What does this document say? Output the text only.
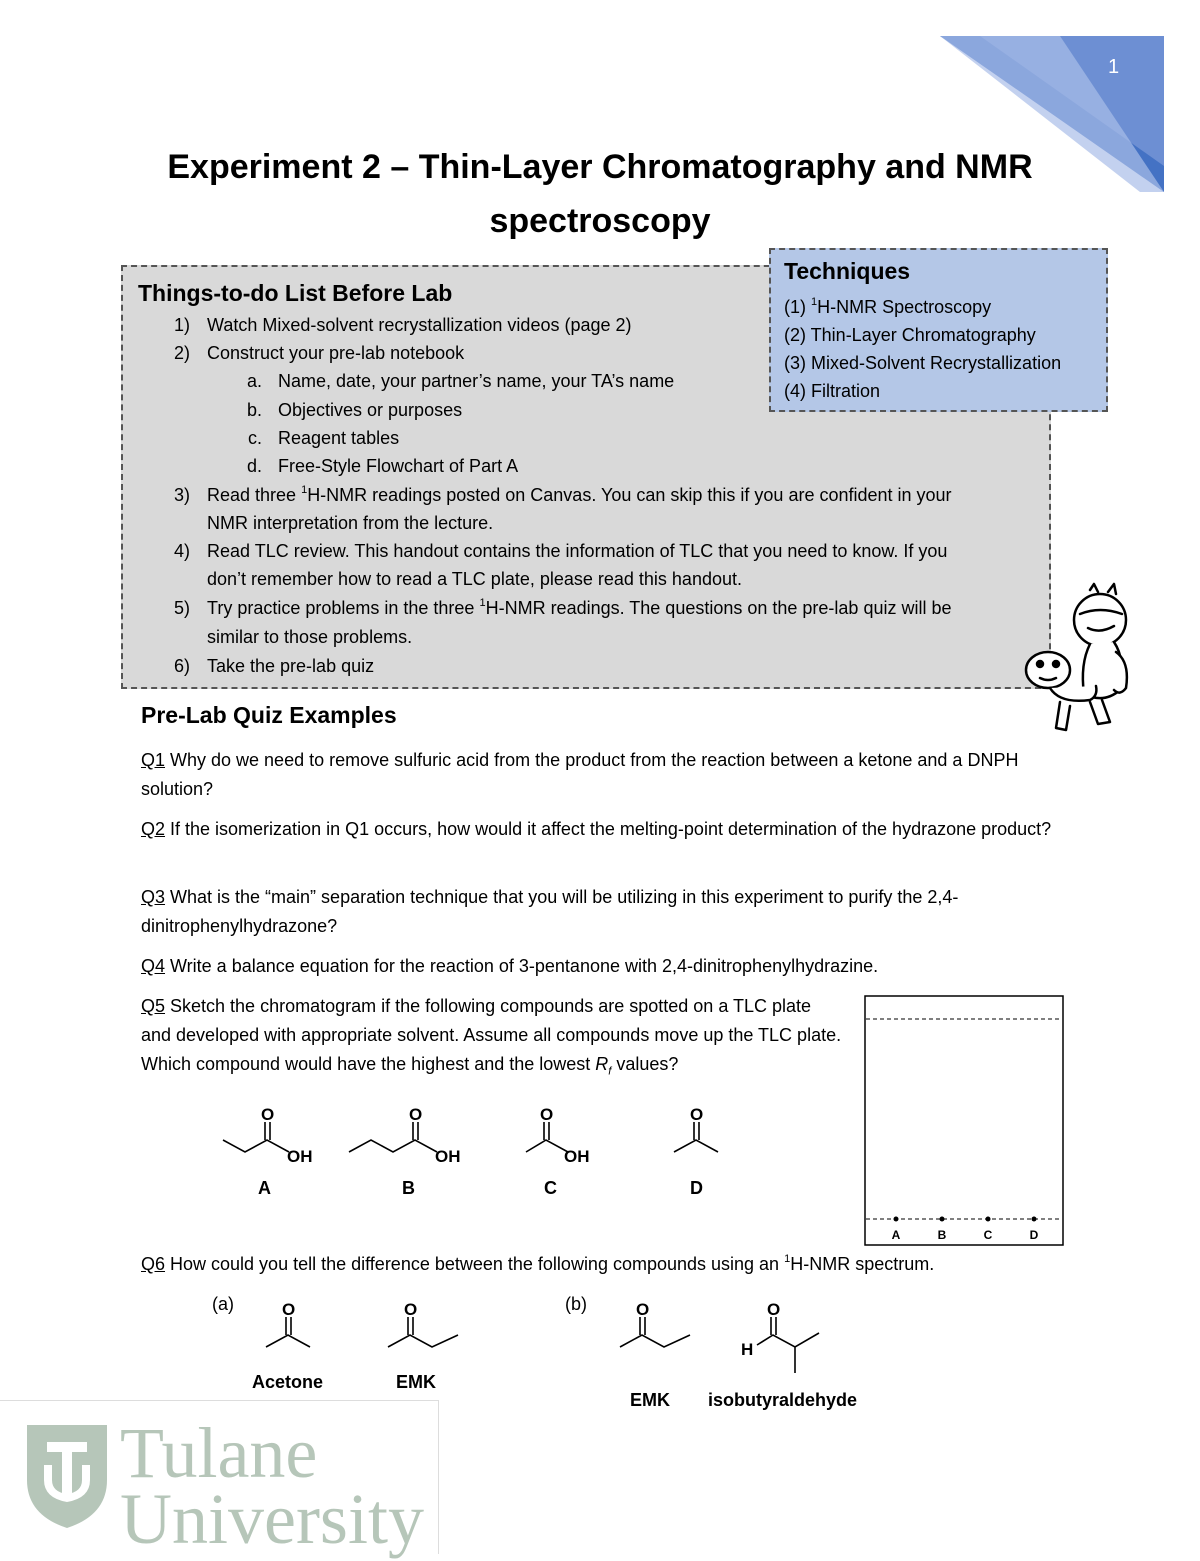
1
Experiment 2 – Thin-Layer Chromatography and NMR
spectroscopy
Things-to-do List Before Lab
1) Watch Mixed-solvent recrystallization videos (page 2)
2) Construct your pre-lab notebook
a. Name, date, your partner’s name, your TA’s name
b. Objectives or purposes
c. Reagent tables
d. Free-Style Flowchart of Part A
3) Read three $^1$H-NMR readings posted on Canvas. You can skip this if you are confident in your
NMR interpretation from the lecture.
4) Read TLC review. This handout contains the information of TLC that you need to know. If you
don’t remember how to read a TLC plate, please read this handout.
5) Try practice problems in the three $^1$H-NMR readings. The questions on the pre-lab quiz will be
similar to those problems.
6) Take the pre-lab quiz
Techniques
(1) $^1$H-NMR Spectroscopy
(2) Thin-Layer Chromatography
(3) Mixed-Solvent Recrystallization
(4) Filtration
Pre-Lab Quiz Examples
Q1 Why do we need to remove sulfuric acid from the product from the reaction between a ketone and a DNPH solution?
Q2 If the isomerization in Q1 occurs, how would it affect the melting-point determination of the hydrazone product?
Q3 What is the “main” separation technique that you will be utilizing in this experiment to purify the 2,4-dinitrophenylhydrazone?
Q4 Write a balance equation for the reaction of 3-pentanone with 2,4-dinitrophenylhydrazine.
Q5 Sketch the chromatogram if the following compounds are spotted on a TLC plate and developed with appropriate solvent. Assume all compounds move up the TLC plate. Which compound would have the highest and the lowest $R_f$ values?
O
OH
A
O
OH
B
O
OH
C
O
D
A	B	C	D
Q6 How could you tell the difference between the following compounds using an $^1$H-NMR spectrum.
(a)	O
Acetone
O
EMK
(b)	O
EMK
O
H
isobutyraldehyde
Tulane
University
